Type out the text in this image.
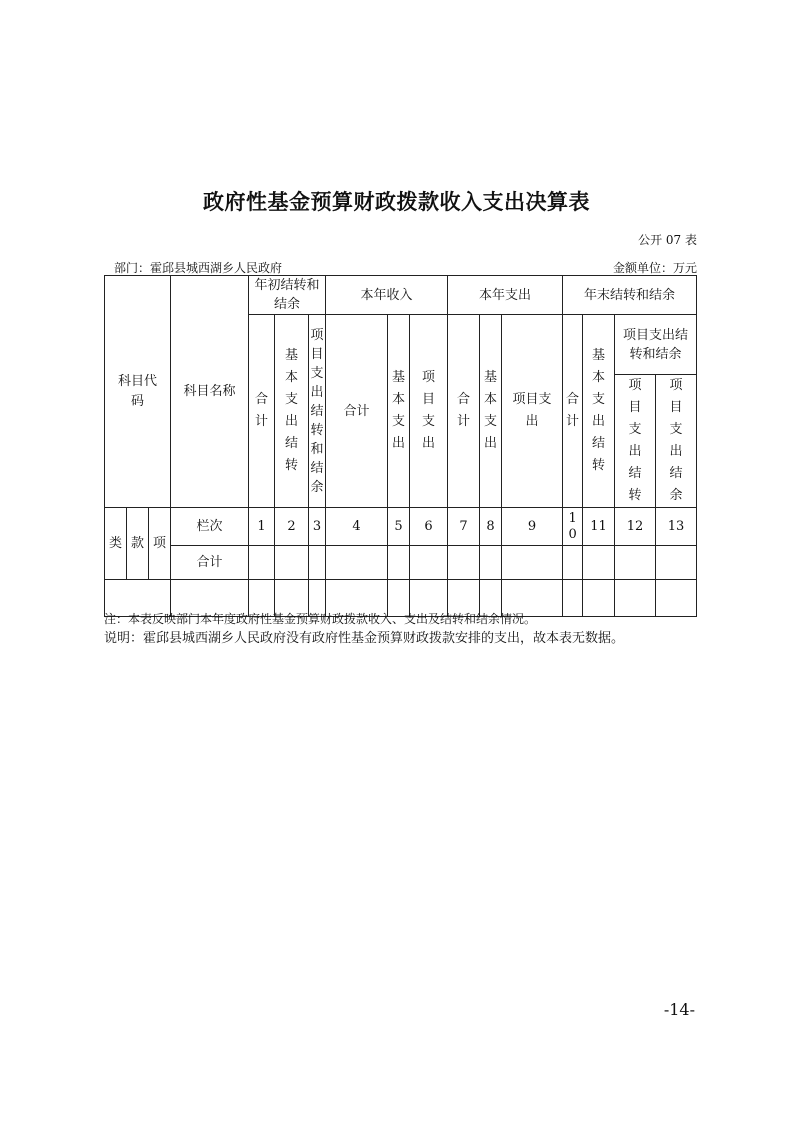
政府性基金预算财政拨款收入支出决算表
公开 07 表
部门：霍邱县城西湖乡人民政府	金额单位：万元
科目代码			科目名称	年初结转和结余			本年收入			本年支出			年末结转和结余			

				合计	基本支出结转	项目支出结转和结余	合计	基本支出	项目支出	合计	基本支出	项目支出	合计	基本支出结转	项目支出结转和结余	

															项目支出结转	项目支出结余

类	款	项	栏次	1	2	3	4	5	6	7	8	9	10	11	12	13
			合计													

注：本表反映部门本年度政府性基金预算财政拨款收入、支出及结转和结余情况。
说明：霍邱县城西湖乡人民政府没有政府性基金预算财政拨款安排的支出，故本表无数据。
-14-
